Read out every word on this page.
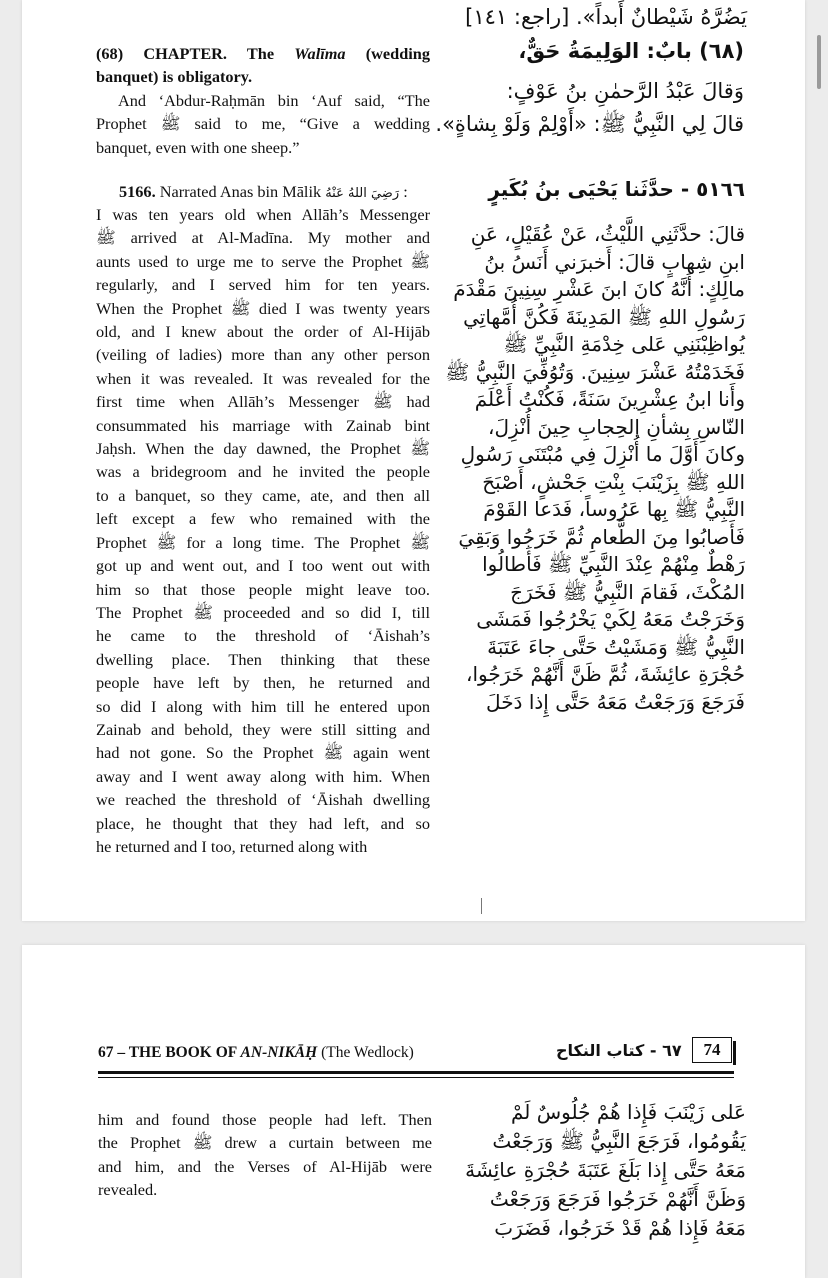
يَضُرَّهُ شَيْطانٌ أَبداً». [راجع: ١٤١]
(68) CHAPTER. The Walīma (wedding
banquet) is obligatory.
And ‘Abdur-Raḥmān bin ‘Auf said, “The
Prophet ﷺ said to me, “Give a wedding
banquet, even with one sheep.”
(٦٨) بابٌ: الوَلِيمَةُ حَقٌّ،
وَقالَ عَبْدُ الرَّحمٰنِ بنُ عَوْفٍ:
قالَ لِي النَّبِيُّ ﷺ: «أَوْلِمْ وَلَوْ بِشاةٍ».
5166. Narrated Anas bin Mālik رَضِيَ اللهُ عَنْهُ :
I was ten years old when Allāh’s Messenger
ﷺ arrived at Al-Madīna. My mother and
aunts used to urge me to serve the Prophet ﷺ
regularly, and I served him for ten years.
When the Prophet ﷺ died I was twenty years
old, and I knew about the order of Al-Hijāb
(veiling of ladies) more than any other person
when it was revealed. It was revealed for the
first time when Allāh’s Messenger ﷺ had
consummated his marriage with Zainab bint
Jaḥsh. When the day dawned, the Prophet ﷺ
was a bridegroom and he invited the people
to a banquet, so they came, ate, and then all
left except a few who remained with the
Prophet ﷺ for a long time. The Prophet ﷺ
got up and went out, and I too went out with
him so that those people might leave too.
The Prophet ﷺ proceeded and so did I, till
he came to the threshold of ‘Āishah’s
dwelling place. Then thinking that these
people have left by then, he returned and
so did I along with him till he entered upon
Zainab and behold, they were still sitting and
had not gone. So the Prophet ﷺ again went
away and I went away along with him. When
we reached the threshold of ‘Āishah dwelling
place, he thought that they had left, and so
he returned and I too, returned along with
٥١٦٦ - حدَّثَنا يَحْيَى بنُ بُكَيرٍ
قالَ: حدَّثَنِي اللَّيْثُ، عَنْ عُقَيْلٍ، عَنِ
ابنِ شِهابٍ قالَ: أَخبرَني أَنَسُ بنُ
مالِكٍ: أَنَّهُ كانَ ابنَ عَشْرِ سِنِينَ مَقْدَمَ
رَسُولِ اللهِ ﷺ المَدِينَةَ فَكُنَّ أُمَّهاتِي
يُواظِبْنَنِي عَلى خِدْمَةِ النَّبِيِّ ﷺ
فَخَدَمْتُهُ عَشْرَ سِنِينَ. وَتُوُفِّيَ النَّبِيُّ ﷺ
وأَنا ابنُ عِشْرِينَ سَنَةً، فَكُنْتُ أَعْلَمَ
النّاسِ بِشأنِ الحِجابِ حِينَ أُنْزِلَ،
وكانَ أَوَّلَ ما أُنْزِلَ فِي مُبْتَنَى رَسُولِ
اللهِ ﷺ بِزَيْنَبَ بِنْتِ جَحْشٍ، أَصْبَحَ
النَّبِيُّ ﷺ بِها عَرُوساً، فَدَعا القَوْمَ
فَأَصابُوا مِنَ الطَّعامِ ثُمَّ خَرَجُوا وَبَقِيَ
رَهْطٌ مِنْهُمْ عِنْدَ النَّبِيِّ ﷺ فَأَطالُوا
المُكْثَ، فَقامَ النَّبِيُّ ﷺ فَخَرَجَ
وَخَرَجْتُ مَعَهُ لِكَيْ يَخْرُجُوا فَمَشَى
النَّبِيُّ ﷺ وَمَشَيْتُ حَتَّى جاءَ عَتَبَةَ
حُجْرَةِ عائِشَةَ، ثُمَّ ظَنَّ أَنَّهُمْ خَرَجُوا،
فَرَجَعَ وَرَجَعْتُ مَعَهُ حَتَّى إِذا دَخَلَ
67 – THE BOOK OF AN-NIKĀḤ (The Wedlock)	74
٦٧ - كتاب النكاح
him and found those people had left. Then
the Prophet ﷺ drew a curtain between me
and him, and the Verses of Al-Hijāb were
revealed.
عَلى زَيْنَبَ فَإِذا هُمْ جُلُوسٌ لَمْ
يَقُومُوا، فَرَجَعَ النَّبِيُّ ﷺ وَرَجَعْتُ
مَعَهُ حَتَّى إِذا بَلَغَ عَتَبَةَ حُجْرَةِ عائِشَةَ
وَظَنَّ أَنَّهُمْ خَرَجُوا فَرَجَعَ وَرَجَعْتُ
مَعَهُ فَإِذا هُمْ قَدْ خَرَجُوا، فَضَرَبَ
